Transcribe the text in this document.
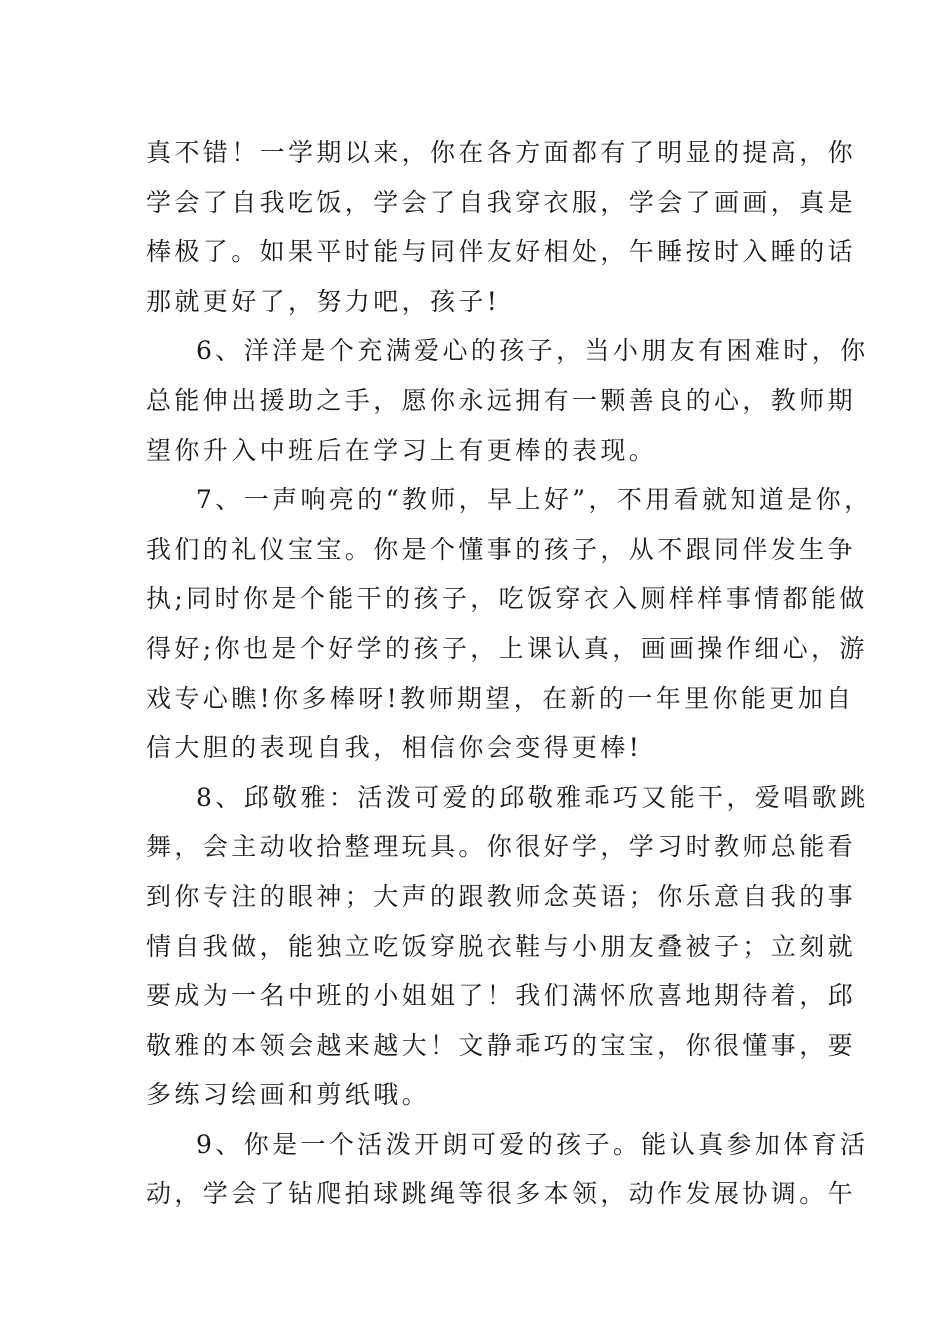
真不错！一学期以来，你在各方面都有了明显的提高，你
学会了自我吃饭，学会了自我穿衣服，学会了画画，真是
棒极了。如果平时能与同伴友好相处，午睡按时入睡的话
那就更好了，努力吧，孩子!
6、洋洋是个充满爱心的孩子，当小朋友有困难时，你
总能伸出援助之手，愿你永远拥有一颗善良的心，教师期
望你升入中班后在学习上有更棒的表现。
7、一声响亮的“教师，早上好”，不用看就知道是你，
我们的礼仪宝宝。你是个懂事的孩子，从不跟同伴发生争
执;同时你是个能干的孩子，吃饭穿衣入厕样样事情都能做
得好;你也是个好学的孩子，上课认真，画画操作细心，游
戏专心瞧!你多棒呀!教师期望，在新的一年里你能更加自
信大胆的表现自我，相信你会变得更棒!
8、邱敬雅：活泼可爱的邱敬雅乖巧又能干，爱唱歌跳
舞，会主动收拾整理玩具。你很好学，学习时教师总能看
到你专注的眼神；大声的跟教师念英语；你乐意自我的事
情自我做，能独立吃饭穿脱衣鞋与小朋友叠被子；立刻就
要成为一名中班的小姐姐了！我们满怀欣喜地期待着，邱
敬雅的本领会越来越大！文静乖巧的宝宝，你很懂事，要
多练习绘画和剪纸哦。
9、你是一个活泼开朗可爱的孩子。能认真参加体育活
动，学会了钻爬拍球跳绳等很多本领，动作发展协调。午
